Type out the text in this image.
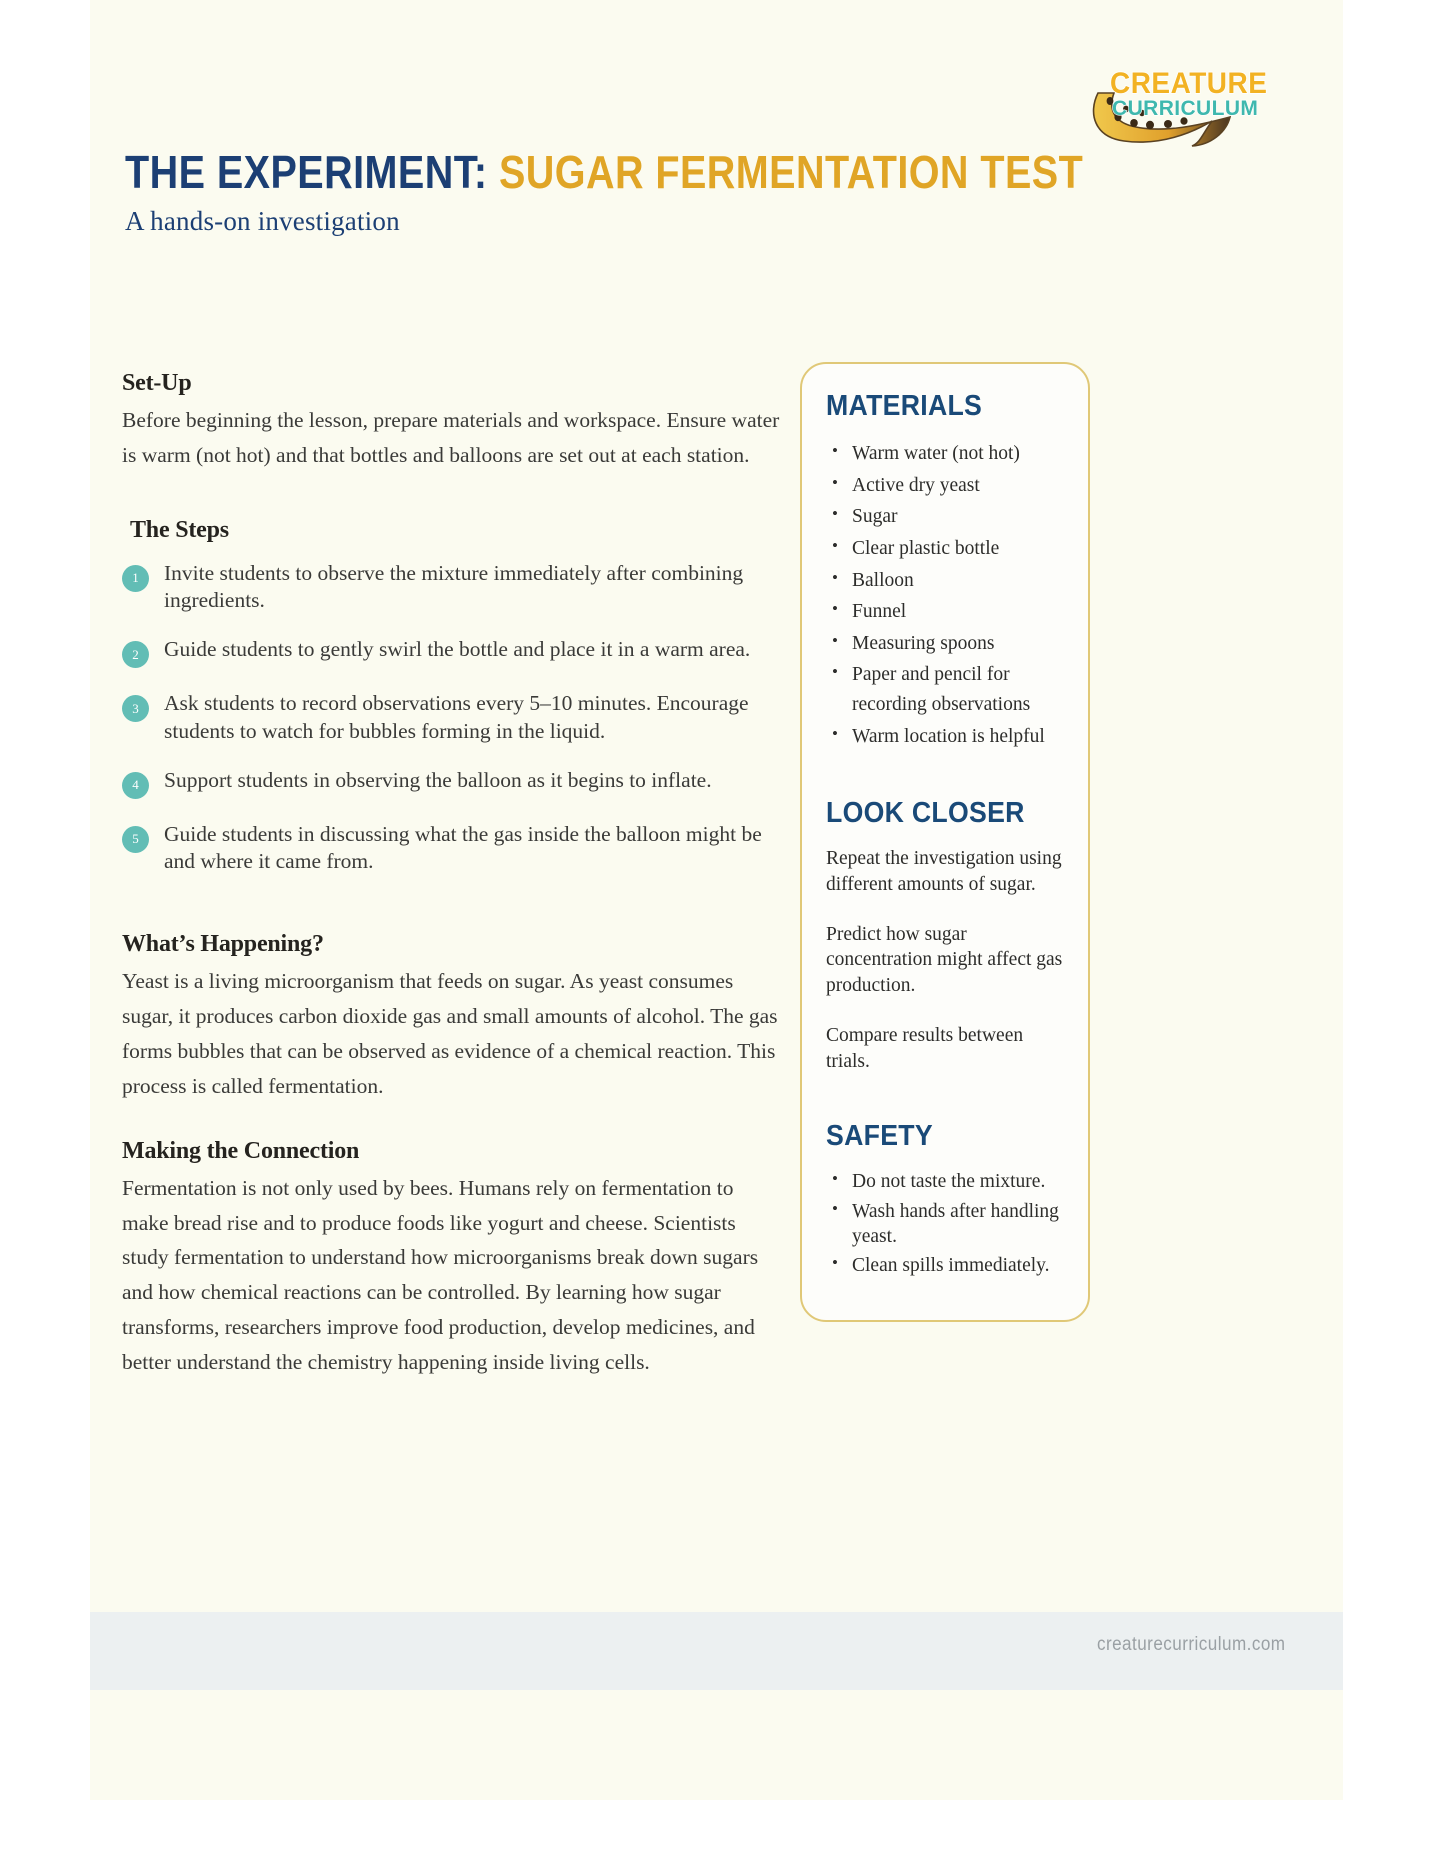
CREATURE
CURRICULUM
THE EXPERIMENT: SUGAR FERMENTATION TEST

A hands-on investigation

Set-Up

Before beginning the lesson, prepare materials and workspace. Ensure water is warm (not hot) and that bottles and balloons are set out at each station.

The Steps
1	Invite students to observe the mixture immediately after combining ingredients.
2	Guide students to gently swirl the bottle and place it in a warm area.
3	Ask students to record observations every 5–10 minutes. Encourage students to watch for bubbles forming in the liquid.
4	Support students in observing the balloon as it begins to inflate.
5	Guide students in discussing what the gas inside the balloon might be and where it came from.
What’s Happening?

Yeast is a living microorganism that feeds on sugar. As yeast consumes sugar, it produces carbon dioxide gas and small amounts of alcohol. The gas forms bubbles that can be observed as evidence of a chemical reaction. This process is called fermentation.

Making the Connection

Fermentation is not only used by bees. Humans rely on fermentation to make bread rise and to produce foods like yogurt and cheese. Scientists study fermentation to understand how microorganisms break down sugars and how chemical reactions can be controlled. By learning how sugar transforms, researchers improve food production, develop medicines, and better understand the chemistry happening inside living cells.

MATERIALS
• Warm water (not hot)
• Active dry yeast
• Sugar
• Clear plastic bottle
• Balloon
• Funnel
• Measuring spoons
• Paper and pencil for recording observations
• Warm location is helpful
LOOK CLOSER

Repeat the investigation using different amounts of sugar.

Predict how sugar concentration might affect gas production.

Compare results between trials.

SAFETY
• Do not taste the mixture.
• Wash hands after handling yeast.
• Clean spills immediately.
creaturecurriculum.com
